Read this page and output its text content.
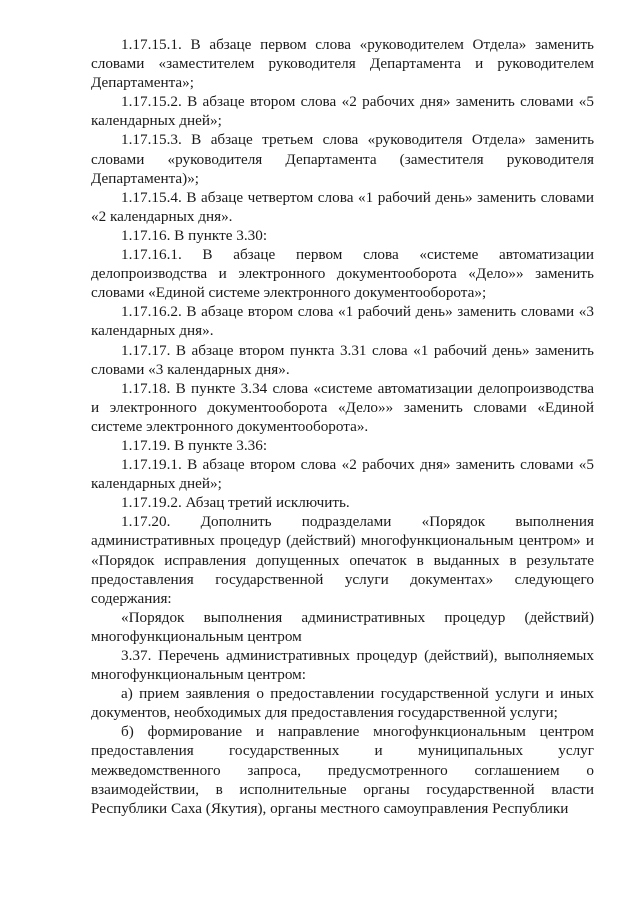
1.17.15.1. В абзаце первом слова «руководителем Отдела» заменить словами «заместителем руководителя Департамента и руководителем Департамента»;

1.17.15.2. В абзаце втором слова «2 рабочих дня» заменить словами «5 календарных дней»;

1.17.15.3. В абзаце третьем слова «руководителя Отдела» заменить словами «руководителя Департамента (заместителя руководителя Департамента)»;

1.17.15.4. В абзаце четвертом слова «1 рабочий день» заменить словами «2 календарных дня».

1.17.16. В пункте 3.30:

1.17.16.1. В абзаце первом слова «системе автоматизации делопроизводства и электронного документооборота «Дело»» заменить словами «Единой системе электронного документооборота»;

1.17.16.2. В абзаце втором слова «1 рабочий день» заменить словами «3 календарных дня».

1.17.17. В абзаце втором пункта 3.31 слова «1 рабочий день» заменить словами «3 календарных дня».

1.17.18. В пункте 3.34 слова «системе автоматизации делопроизводства и электронного документооборота «Дело»» заменить словами «Единой системе электронного документооборота».

1.17.19. В пункте 3.36:

1.17.19.1. В абзаце втором слова «2 рабочих дня» заменить словами «5 календарных дней»;

1.17.19.2. Абзац третий исключить.

1.17.20. Дополнить подразделами «Порядок выполнения административных процедур (действий) многофункциональным центром» и «Порядок исправления допущенных опечаток в выданных в результате предоставления государственной услуги документах» следующего содержания:

«Порядок выполнения административных процедур (действий) многофункциональным центром

3.37. Перечень административных процедур (действий), выполняемых многофункциональным центром:

а) прием заявления о предоставлении государственной услуги и иных документов, необходимых для предоставления государственной услуги;

б) формирование и направление многофункциональным центром предоставления государственных и муниципальных услуг межведомственного запроса, предусмотренного соглашением о взаимодействии, в исполнительные органы государственной власти Республики Саха (Якутия), органы местного самоуправления Республики
